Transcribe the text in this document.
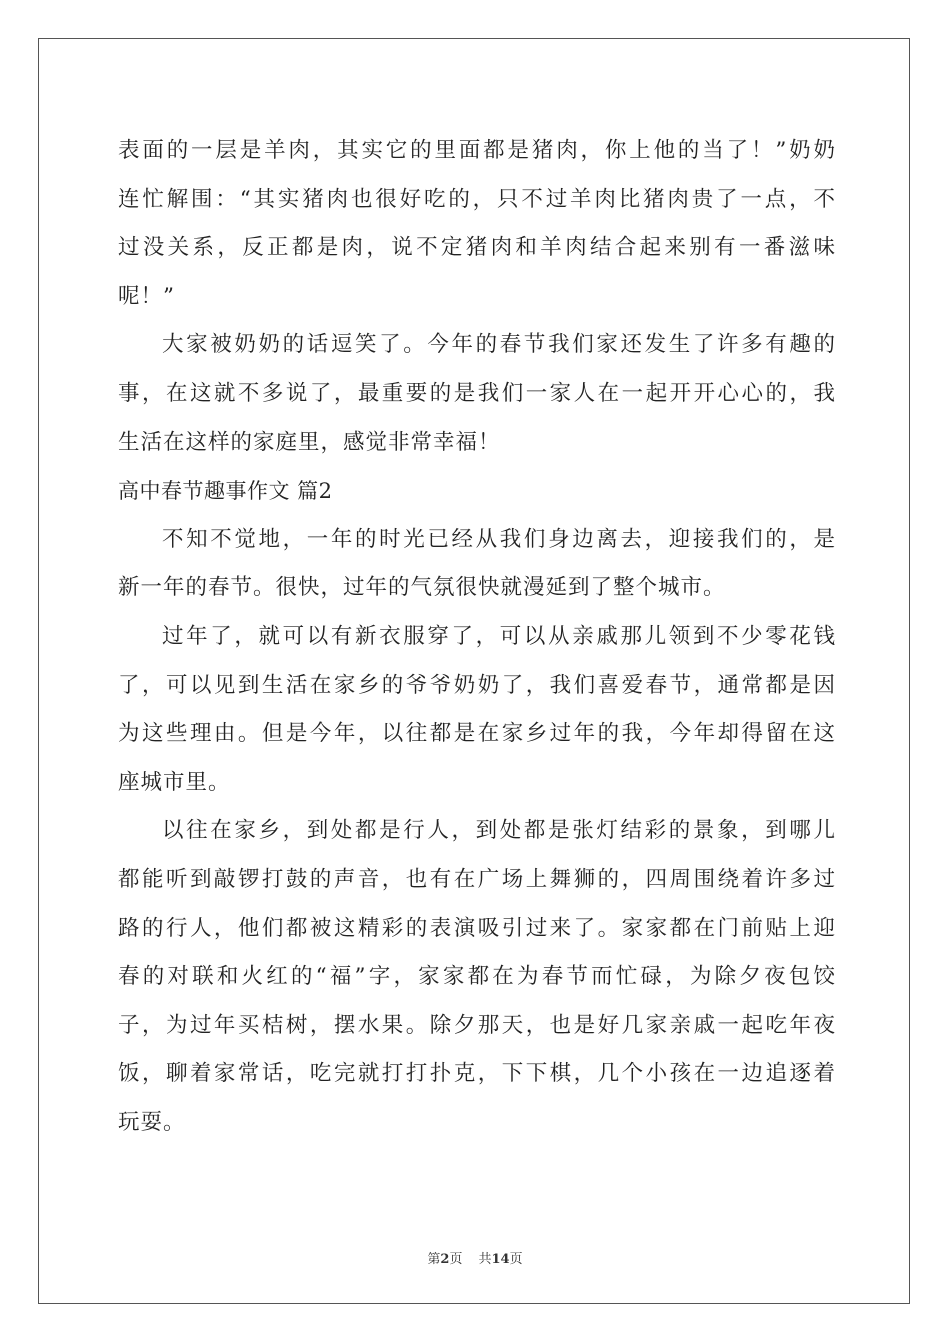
表面的一层是羊肉，其实它的里面都是猪肉，你上他的当了！”奶奶
连忙解围：“其实猪肉也很好吃的，只不过羊肉比猪肉贵了一点，不
过没关系，反正都是肉，说不定猪肉和羊肉结合起来别有一番滋味
呢！”
大家被奶奶的话逗笑了。今年的春节我们家还发生了许多有趣的
事，在这就不多说了，最重要的是我们一家人在一起开开心心的，我
生活在这样的家庭里，感觉非常幸福！
高中春节趣事作文 篇2
不知不觉地，一年的时光已经从我们身边离去，迎接我们的，是
新一年的春节。很快，过年的气氛很快就漫延到了整个城市。
过年了，就可以有新衣服穿了，可以从亲戚那儿领到不少零花钱
了，可以见到生活在家乡的爷爷奶奶了，我们喜爱春节，通常都是因
为这些理由。但是今年，以往都是在家乡过年的我，今年却得留在这
座城市里。
以往在家乡，到处都是行人，到处都是张灯结彩的景象，到哪儿
都能听到敲锣打鼓的声音，也有在广场上舞狮的，四周围绕着许多过
路的行人，他们都被这精彩的表演吸引过来了。家家都在门前贴上迎
春的对联和火红的“福”字，家家都在为春节而忙碌，为除夕夜包饺
子，为过年买桔树，摆水果。除夕那天，也是好几家亲戚一起吃年夜
饭，聊着家常话，吃完就打打扑克，下下棋，几个小孩在一边追逐着
玩耍。
第2页 共14页
